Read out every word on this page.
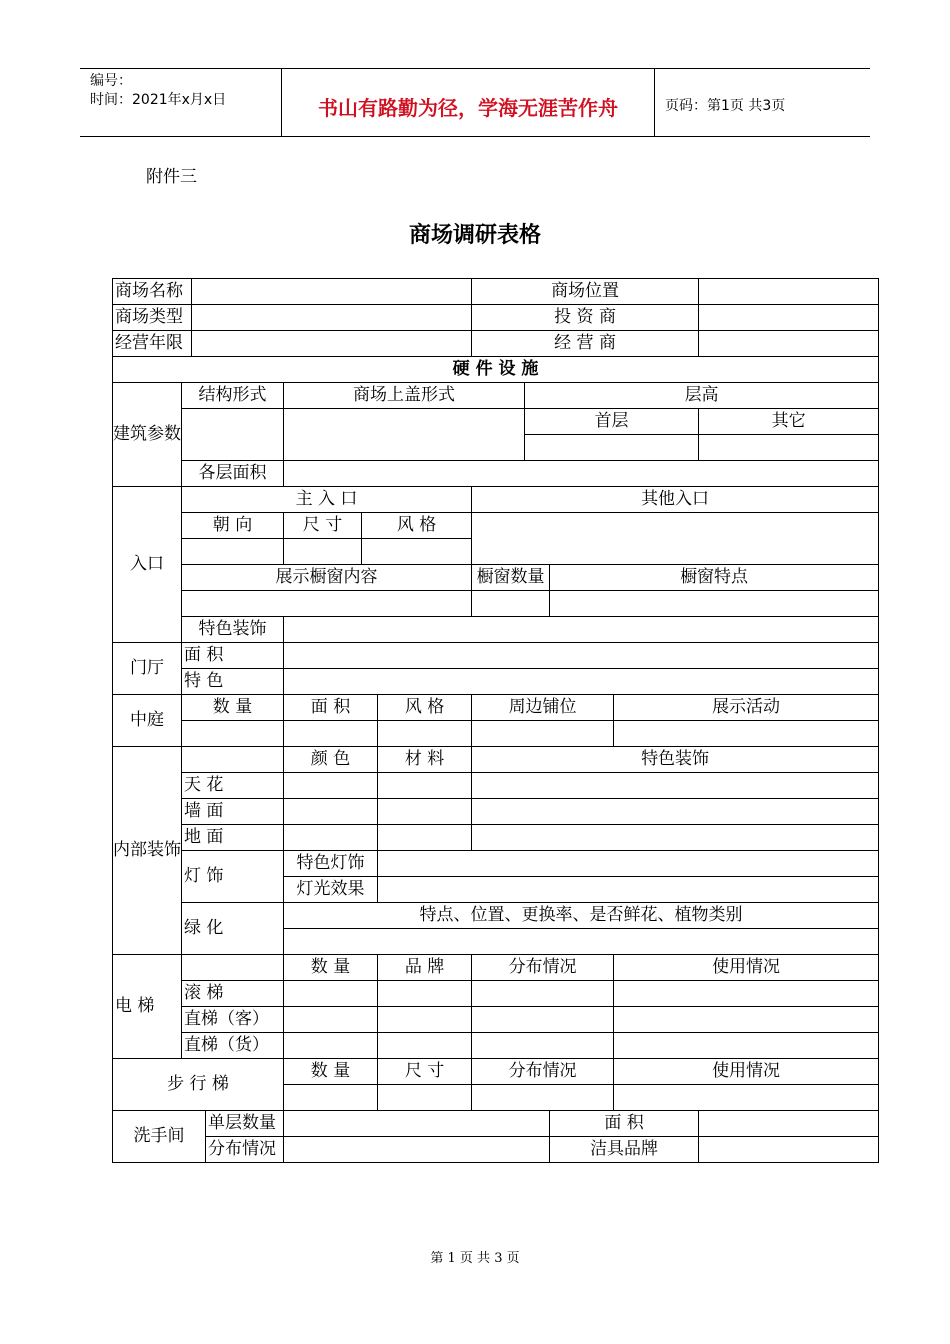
编号：
时间：2021年x月x日	书山有路勤为径，学海无涯苦作舟	页码：第1页 共3页
附件三
商场调研表格
商场名称							商场位置				
商场类型							投 资 商				
经营年限							经 营 商				
硬 件 设 施											
建筑参数	结构形式			商场上盖形式				层高			
								首层			其它

	各层面积										
入口	主 入 口						其他入口				
	朝 向			尺 寸	风 格						

	展示橱窗内容						橱窗数量		橱窗特点		

	特色装饰										
门厅	面 积										
	特 色										
中庭	数 量			面 积		风 格	周边铺位			展示活动	

内部装饰				颜 色		材 料	特色装饰				
	天 花										
	墙 面										
	地 面										
	灯 饰			特色灯饰							
				灯光效果							
	绿 化			特点、位置、更换率、是否鲜花、植物类别							

电 梯				数 量		品 牌	分布情况			使用情况	
	滚 梯										
	直梯（客）										
	直梯（货）										
步 行 梯				数 量		尺 寸	分布情况			使用情况	

洗手间			单层数量						面 积		
			分布情况						洁具品牌		
第 1 页 共 3 页
